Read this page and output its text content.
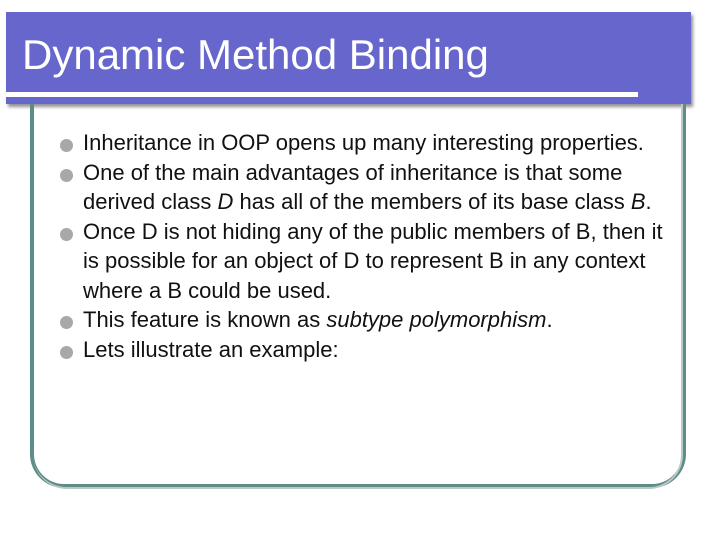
Dynamic Method Binding
Inheritance in OOP opens up many interesting properties.
One of the main advantages of inheritance is that some derived class D has all of the members of its base class B.
Once D is not hiding any of the public members of B, then it is possible for an object of D to represent B in any context where a B could be used.
This feature is known as subtype polymorphism.
Lets illustrate an example:
